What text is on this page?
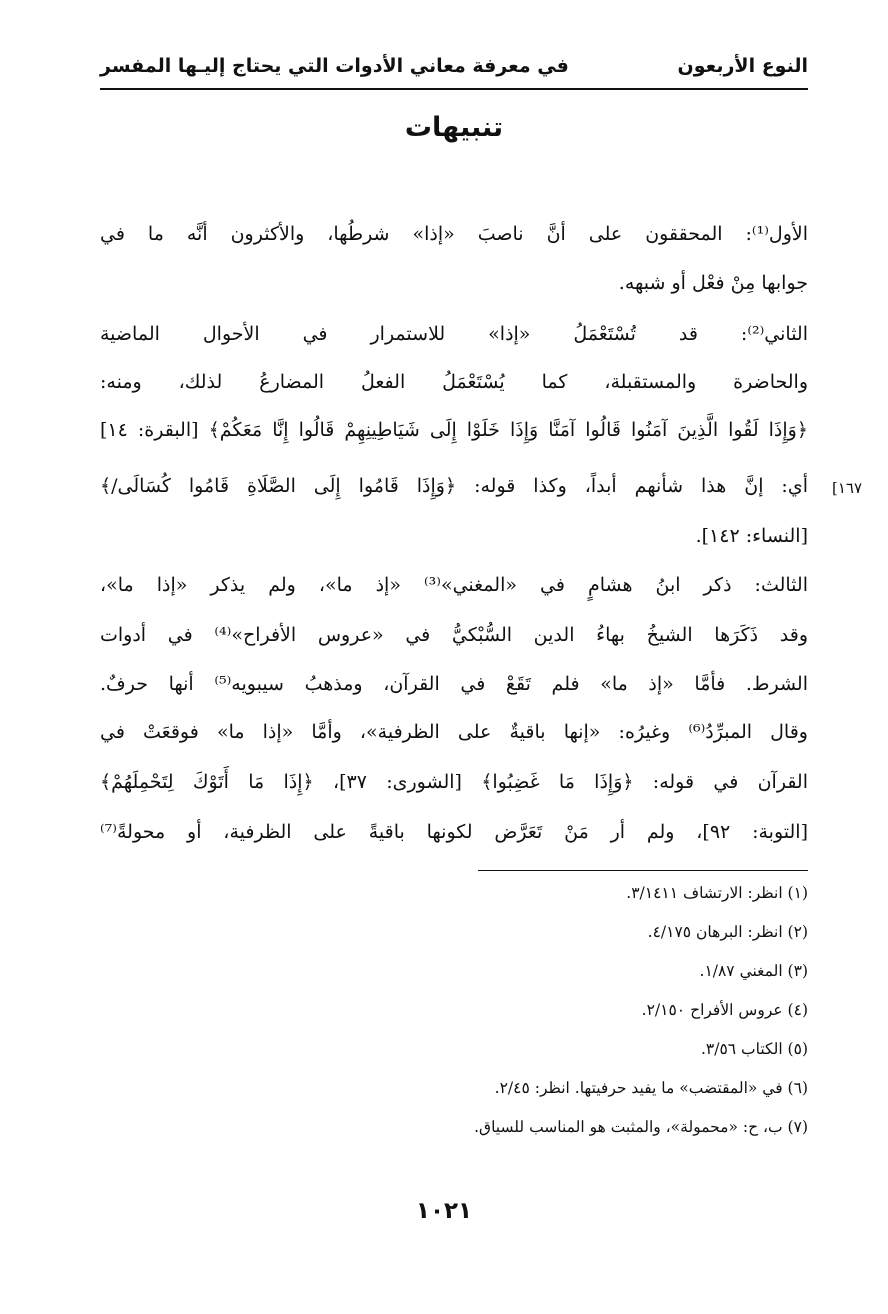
النوع الأربعون
في معرفة معاني الأدوات التي يحتاج إليـها المفسر
تنبيهات
الأول⁽¹⁾: المحققون على أنَّ ناصبَ «إذا» شرطُها، والأكثرون أنَّه ما في
جوابها مِنْ فعْل أو شبهه.
الثاني⁽²⁾: قد تُسْتَعْمَلُ «إذا» للاستمرار في الأحوال الماضية
والحاضرة والمستقبلة، كما يُسْتَعْمَلُ الفعلُ المضارعُ لذلك، ومنه:
﴿وَإِذَا لَقُوا الَّذِينَ آمَنُوا قَالُوا آمَنَّا وَإِذَا خَلَوْا إِلَى شَيَاطِينِهِمْ قَالُوا إِنَّا مَعَكُمْ﴾ [البقرة: ١٤]
أي: إنَّ هذا شأنهم أبداً، وكذا قوله: ﴿وَإِذَا قَامُوا إِلَى الصَّلَاةِ قَامُوا كُسَالَى/﴾
[النساء: ١٤٢].
الثالث: ذكر ابنُ هشامٍ في «المغني»⁽³⁾ «إذ ما»، ولم يذكر «إذا ما»،
وقد ذَكَرَها الشيخُ بهاءُ الدين السُّبْكيُّ في «عروس الأفراح»⁽⁴⁾ في أدوات
الشرط. فأمَّا «إذ ما» فلم تَقَعْ في القرآن، ومذهبُ سيبويه⁽⁵⁾ أنها حرفٌ.
وقال المبرِّدُ⁽⁶⁾ وغيرُه: «إنها باقيةٌ على الظرفية»، وأمَّا «إذا ما» فوقعَتْ في
القرآن في قوله: ﴿وَإِذَا مَا غَضِبُوا﴾ [الشورى: ٣٧]، ﴿إِذَا مَا أَتَوْكَ لِتَحْمِلَهُمْ﴾
[التوبة: ٩٢]، ولم أر مَنْ تَعَرَّض لكونها باقيةً على الظرفية، أو محولةً⁽⁷⁾
[١٦٧
(١) انظر: الارتشاف ٣/١٤١١.
(٢) انظر: البرهان ٤/١٧٥.
(٣) المغني ١/٨٧.
(٤) عروس الأفراح ٢/١٥٠.
(٥) الكتاب ٣/٥٦.
(٦) في «المقتضب» ما يفيد حرفيتها. انظر: ٢/٤٥.
(٧) ب، ح: «محمولة»، والمثبت هو المناسب للسياق.
١٠٢١
